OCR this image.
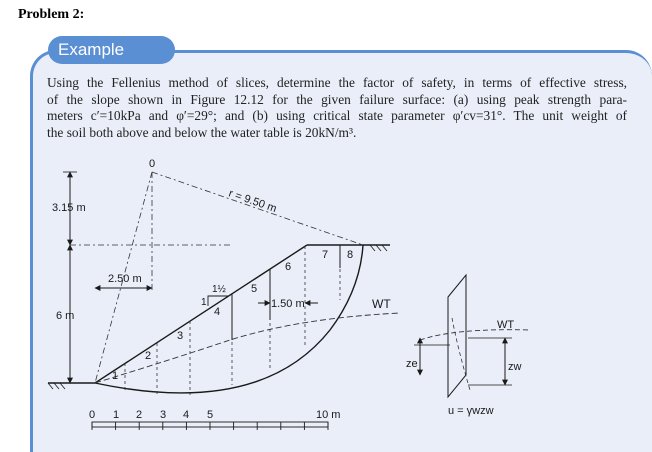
Problem 2:
Example
Using the Fellenius method of slices, determine the factor of safety, in terms of effective stress,
of the slope shown in Figure 12.12 for the given failure surface: (a) using peak strength para-
meters c′=10kPa and φ′=29°; and (b) using critical state parameter φ′cv=31°. The unit weight of
the soil both above and below the water table is 20kN/m³.
WT
0
r = 9.50 m
3.15 m
6 m
2.50 m
1½
1	1.50 m
1
2
3
4
5
6
7 8
0 1 2 3 4 5	10 m
WT
ze	zw
u = γwzw
